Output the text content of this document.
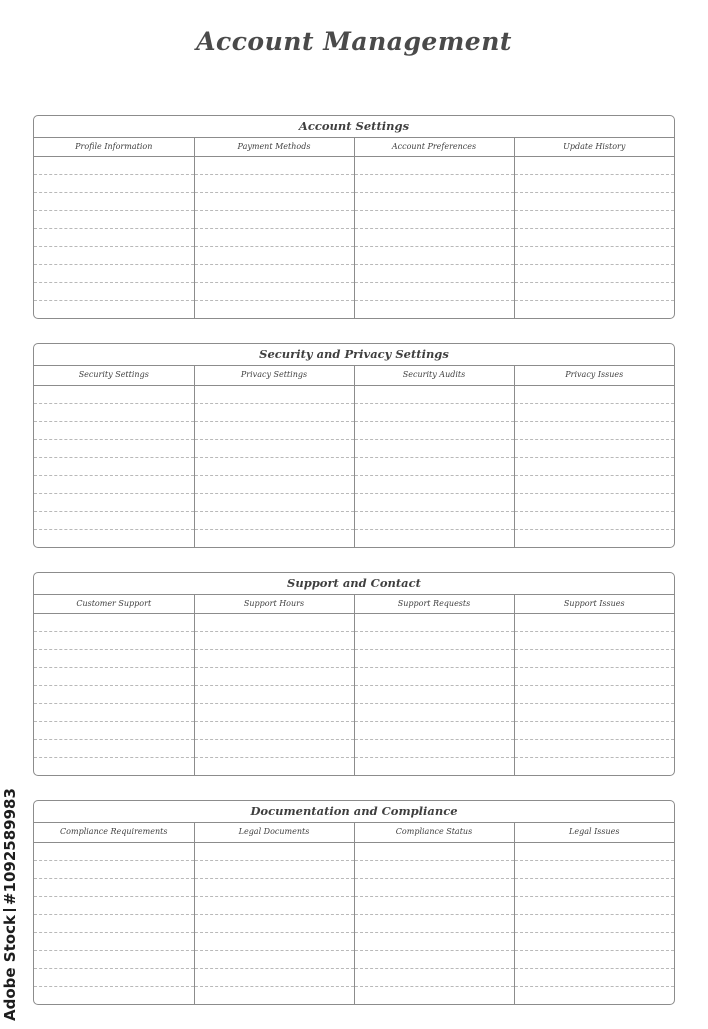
Account Management
Account Settings
Profile Information	Payment Methods	Account Preferences	Update History

Security and Privacy Settings
Security Settings	Privacy Settings	Security Audits	Privacy Issues

Support and Contact
Customer Support	Support Hours	Support Requests	Support Issues

Documentation and Compliance
Compliance Requirements	Legal Documents	Compliance Status	Legal Issues

Adobe Stock#1092589983
